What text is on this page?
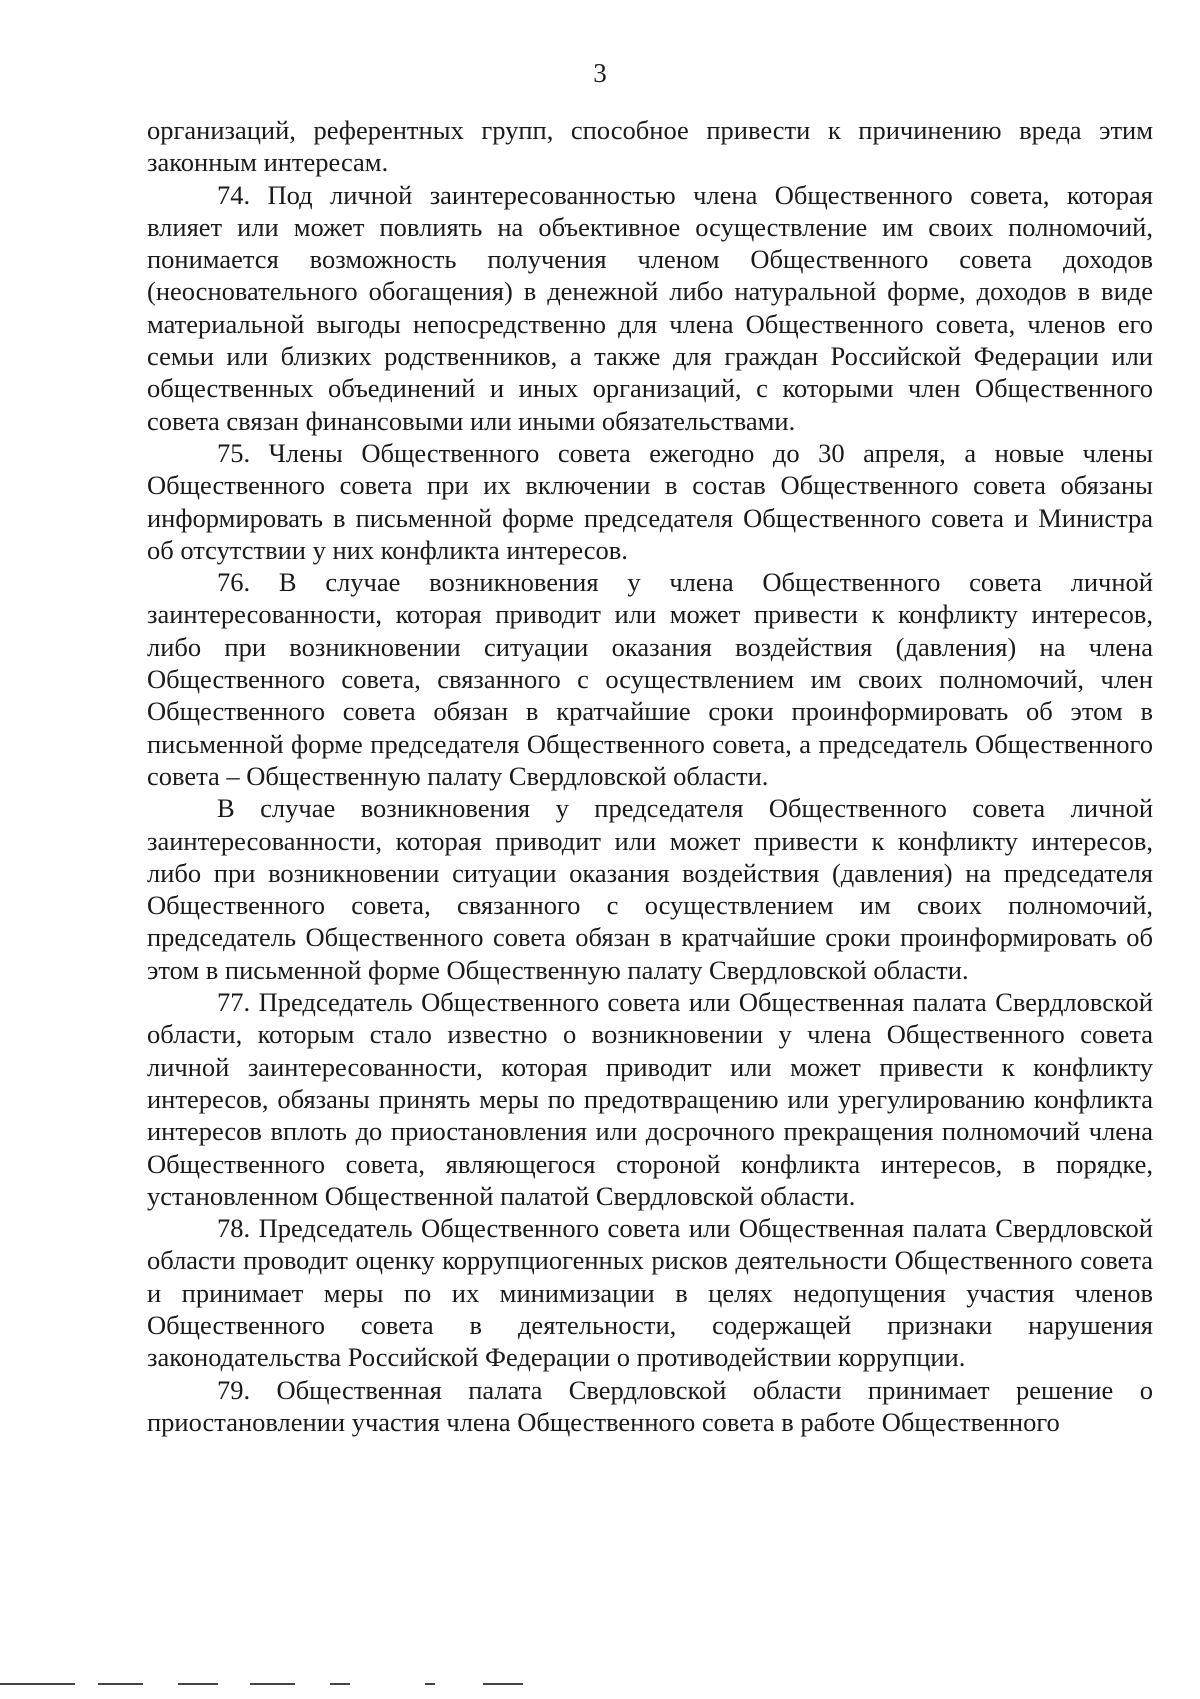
3

организаций, референтных групп, способное привести к причинению вреда этим законным интересам.

74. Под личной заинтересованностью члена Общественного совета, которая влияет или может повлиять на объективное осуществление им своих полномочий, понимается возможность получения членом Общественного совета доходов (неосновательного обогащения) в денежной либо натуральной форме, доходов в виде материальной выгоды непосредственно для члена Общественного совета, членов его семьи или близких родственников, а также для граждан Российской Федерации или общественных объединений и иных организаций, с которыми член Общественного совета связан финансовыми или иными обязательствами.

75. Члены Общественного совета ежегодно до 30 апреля, а новые члены Общественного совета при их включении в состав Общественного совета обязаны информировать в письменной форме председателя Общественного совета и Министра об отсутствии у них конфликта интересов.

76. В случае возникновения у члена Общественного совета личной заинтересованности, которая приводит или может привести к конфликту интересов, либо при возникновении ситуации оказания воздействия (давления) на члена Общественного совета, связанного с осуществлением им своих полномочий, член Общественного совета обязан в кратчайшие сроки проинформировать об этом в письменной форме председателя Общественного совета, а председатель Общественного совета – Общественную палату Свердловской области.

В случае возникновения у председателя Общественного совета личной заинтересованности, которая приводит или может привести к конфликту интересов, либо при возникновении ситуации оказания воздействия (давления) на председателя Общественного совета, связанного с осуществлением им своих полномочий, председатель Общественного совета обязан в кратчайшие сроки проинформировать об этом в письменной форме Общественную палату Свердловской области.

77. Председатель Общественного совета или Общественная палата Свердловской области, которым стало известно о возникновении у члена Общественного совета личной заинтересованности, которая приводит или может привести к конфликту интересов, обязаны принять меры по предотвращению или урегулированию конфликта интересов вплоть до приостановления или досрочного прекращения полномочий члена Общественного совета, являющегося стороной конфликта интересов, в порядке, установленном Общественной палатой Свердловской области.

78. Председатель Общественного совета или Общественная палата Свердловской области проводит оценку коррупциогенных рисков деятельности Общественного совета и принимает меры по их минимизации в целях недопущения участия членов Общественного совета в деятельности, содержащей признаки нарушения законодательства Российской Федерации о противодействии коррупции.

79. Общественная палата Свердловской области принимает решение о приостановлении участия члена Общественного совета в работе Общественного
